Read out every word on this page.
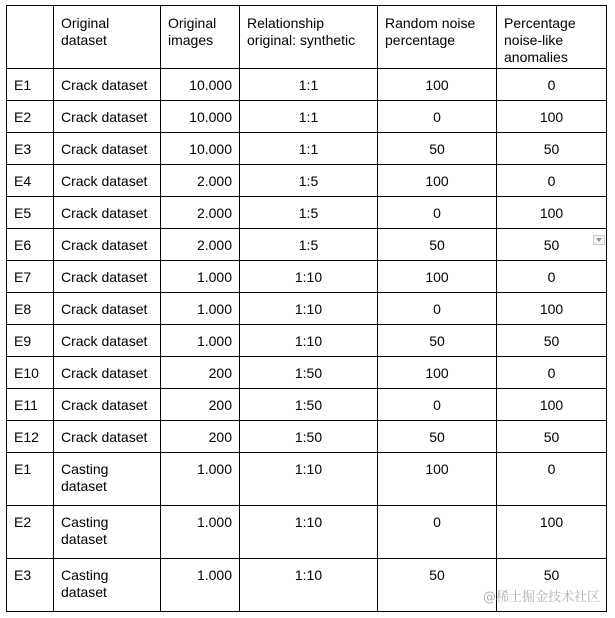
	Original dataset	Original images	Relationship original: synthetic	Random noise percentage	Percentage noise-like anomalies
E1	Crack dataset	10.000	1:1	100	0
E2	Crack dataset	10.000	1:1	0	100
E3	Crack dataset	10.000	1:1	50	50
E4	Crack dataset	2.000	1:5	100	0
E5	Crack dataset	2.000	1:5	0	100
E6	Crack dataset	2.000	1:5	50	50
E7	Crack dataset	1.000	1:10	100	0
E8	Crack dataset	1.000	1:10	0	100
E9	Crack dataset	1.000	1:10	50	50
E10	Crack dataset	200	1:50	100	0
E11	Crack dataset	200	1:50	0	100
E12	Crack dataset	200	1:50	50	50
E1	Casting dataset	1.000	1:10	100	0
E2	Casting dataset	1.000	1:10	0	100
E3	Casting dataset	1.000	1:10	50	50
@稀土掘金技术社区
